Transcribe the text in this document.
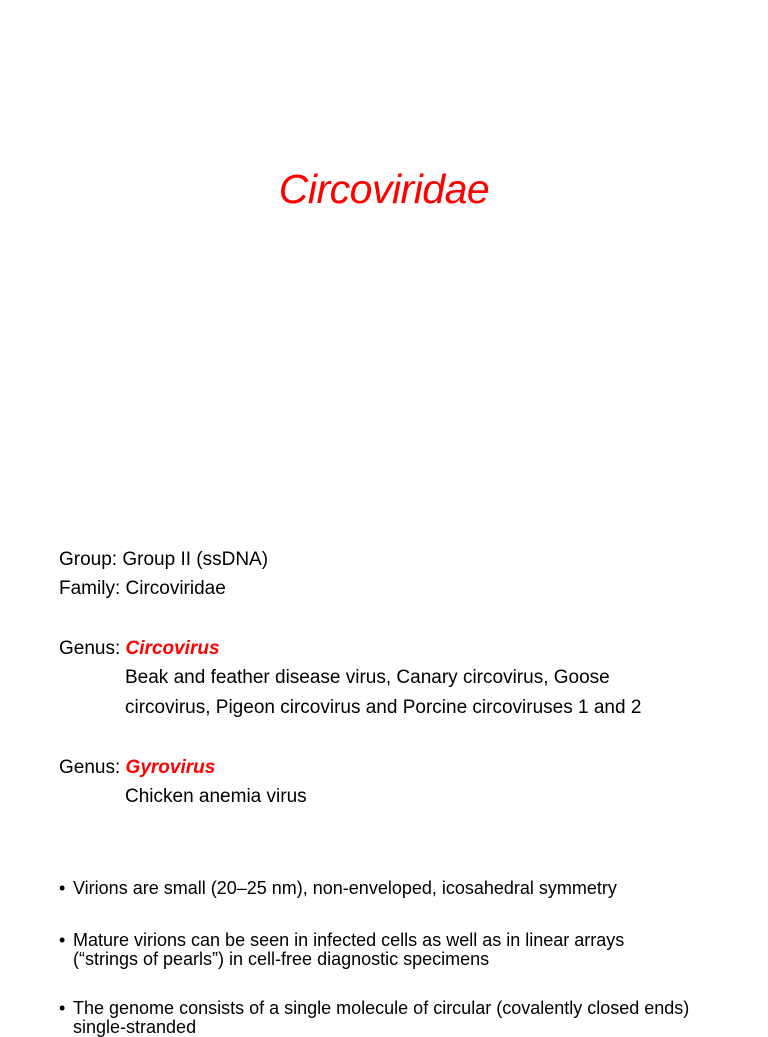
Circoviridae
Group: Group II (ssDNA)
Family: Circoviridae
Genus: Circovirus
Beak and feather disease virus, Canary circovirus, Goose
circovirus, Pigeon circovirus and Porcine circoviruses 1 and 2
Genus: Gyrovirus
Chicken anemia virus
• Virions are small (20–25 nm), non-enveloped, icosahedral symmetry
• Mature virions can be seen in infected cells as well as in linear arrays
(“strings of pearls”) in cell-free diagnostic specimens
• The genome consists of a single molecule of circular (covalently closed ends)
single-stranded
